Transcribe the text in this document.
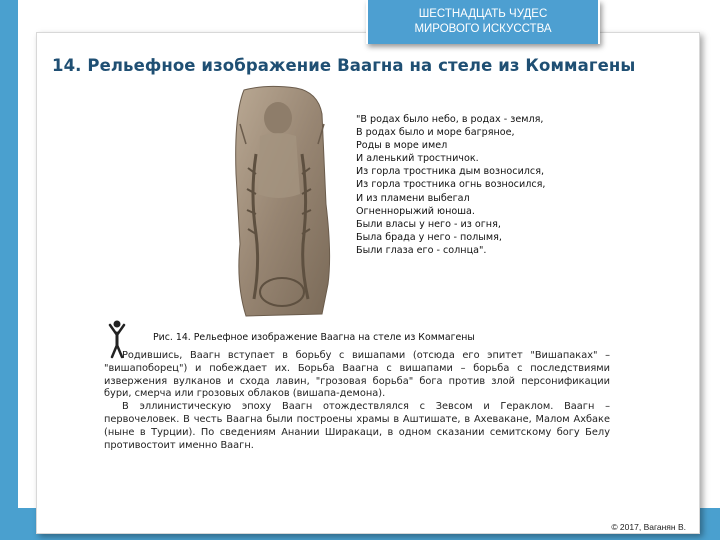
ШЕСТНАДЦАТЬ ЧУДЕС
МИРОВОГО ИСКУССТВА
14. Рельефное изображение Ваагна на стеле из Коммагены
"В родах было небо, в родах - земля,
В родах было и море багряное,
Роды в море имел
И аленький тростничок.
Из горла тростника дым возносился,
Из горла тростника огнь возносился,
И из пламени выбегал
Огненнорыжий юноша.
Были власы у него - из огня,
Была брада у него - полымя,
Были глаза его - солнца".
Рис. 14. Рельефное изображение Ваагна на стеле из Коммагены

Родившись, Ваагн вступает в борьбу с вишапами (отсюда его эпитет "Вишапаках" – "вишапоборец") и побеждает их. Борьба Ваагна с вишапами – борьба с последствиями извержения вулканов и схода лавин, "грозовая борьба" бога против злой персонификации бури, смерча или грозовых облаков (вишапа-демона).

В эллинистическую эпоху Ваагн отождествлялся с Зевсом и Гераклом. Ваагн – первочеловек. В честь Ваагна были построены храмы в Аштишате, в Ахеваканe, Малом Ахбаке (ныне в Турции). По сведениям Анании Ширакаци, в одном сказании семитскому богу Белу противостоит именно Ваагн.

© 2017, Ваганян В.
